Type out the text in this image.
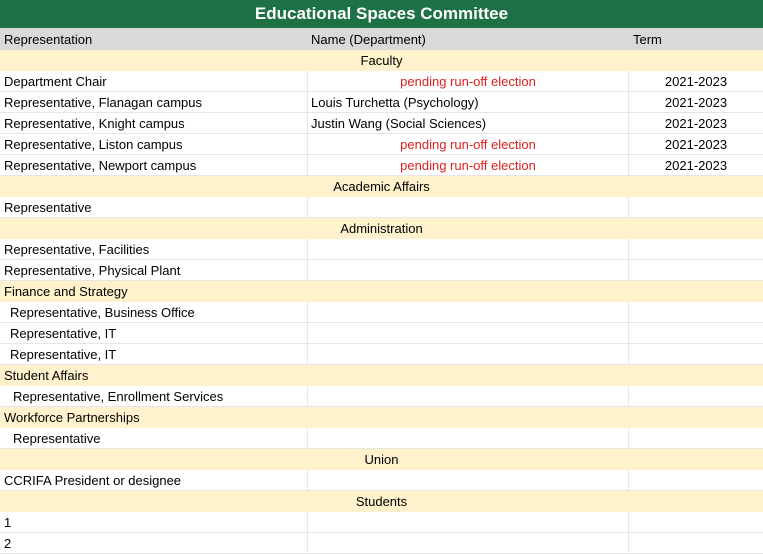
Educational Spaces Committee
Representation	Name (Department)	Term
Faculty
Department Chair	pending run-off election	2021-2023
Representative, Flanagan campus	Louis Turchetta (Psychology)	2021-2023
Representative, Knight campus	Justin Wang (Social Sciences)	2021-2023
Representative, Liston campus	pending run-off election	2021-2023
Representative, Newport campus	pending run-off election	2021-2023
Academic Affairs
Representative
Administration
Representative, Facilities
Representative, Physical Plant
Finance and Strategy
Representative, Business Office
Representative, IT
Representative, IT
Student Affairs
Representative, Enrollment Services
Workforce Partnerships
Representative
Union
CCRIFA President or designee
Students
1
2
